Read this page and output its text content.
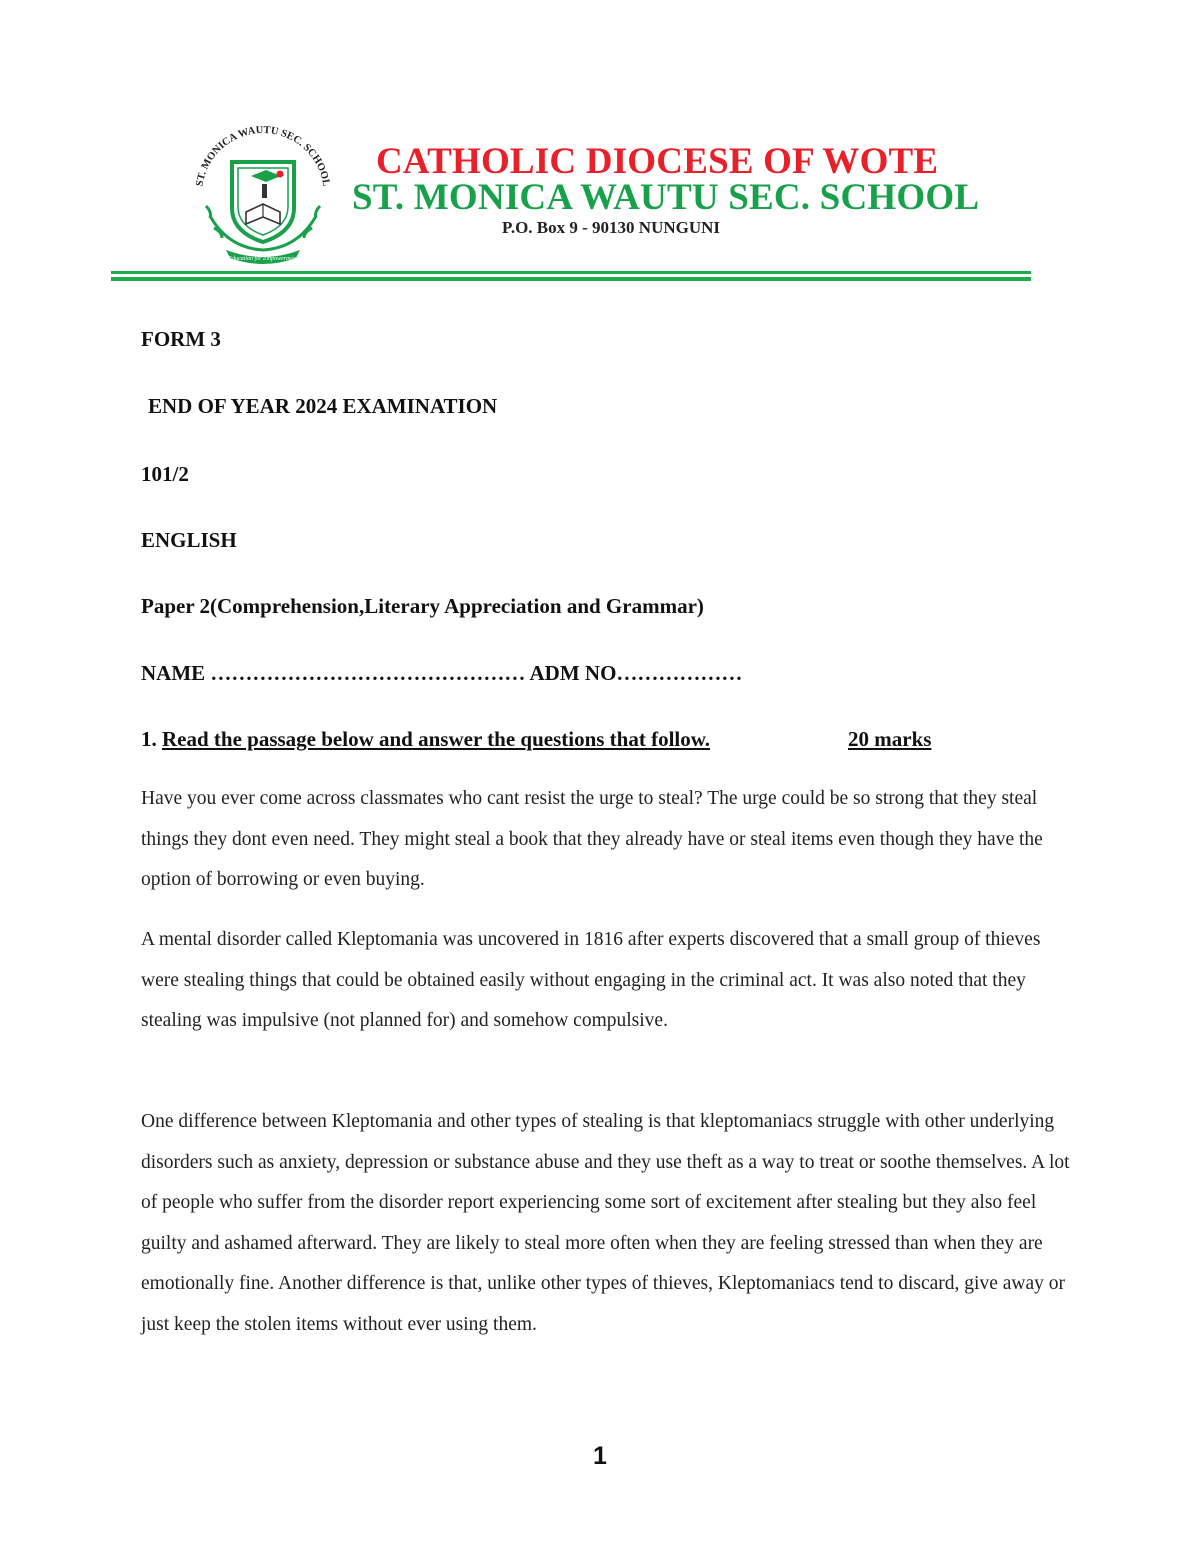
ST. MONICA WAUTU SEC. SCHOOL
Education for Empowerment
CATHOLIC DIOCESE OF WOTE
ST. MONICA WAUTU SEC. SCHOOL
P.O. Box 9 - 90130 NUNGUNI
FORM 3
END OF YEAR 2024 EXAMINATION
101/2
ENGLISH
Paper 2(Comprehension,Literary Appreciation and Grammar)
NAME ……………………………………… ADM NO………………
1. Read the passage below and answer the questions that follow.	20 marks

Have you ever come across classmates who cant resist the urge to steal? The urge could be so strong that they steal things they dont even need. They might steal a book that they already have or steal items even though they have the option of borrowing or even buying.

A mental disorder called Kleptomania was uncovered in 1816 after experts discovered that a small group of thieves were stealing things that could be obtained easily without engaging in the criminal act. It was also noted that they stealing was impulsive (not planned for) and somehow compulsive.

One difference between Kleptomania and other types of stealing is that kleptomaniacs struggle with other underlying disorders such as anxiety, depression or substance abuse and they use theft as a way to treat or soothe themselves. A lot of people who suffer from the disorder report experiencing some sort of excitement after stealing but they also feel guilty and ashamed afterward. They are likely to steal more often when they are feeling stressed than when they are emotionally fine. Another difference is that, unlike other types of thieves, Kleptomaniacs tend to discard, give away or just keep the stolen items without ever using them.

1
